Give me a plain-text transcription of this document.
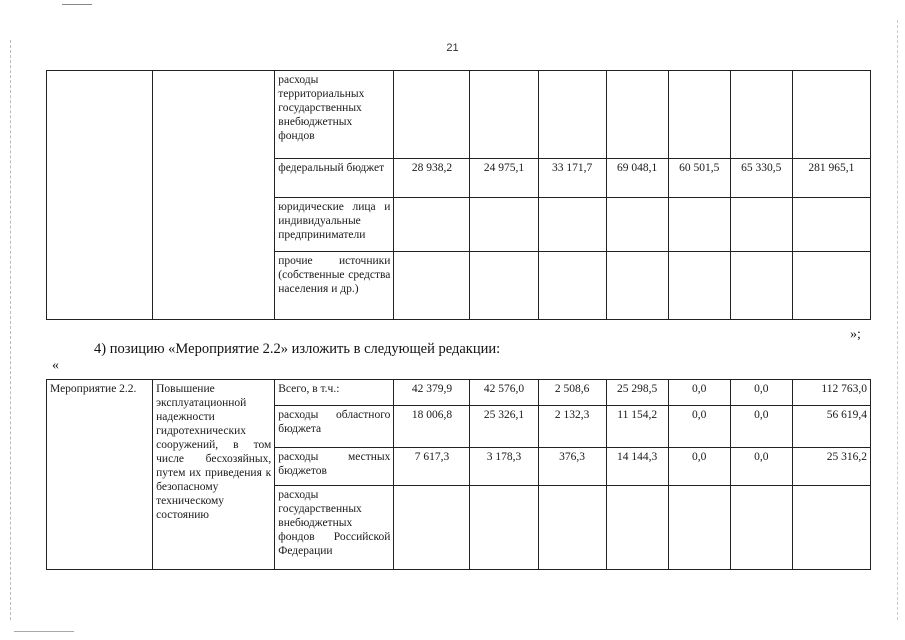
21
		расходы территориальных государственных внебюджетных фондов							
		федеральный бюджет	28 938,2	24 975,1	33 171,7	69 048,1	60 501,5	65 330,5	281 965,1
		юридические лица и индивидуальные предприниматели							
		прочие источники (собственные средства населения и др.)							
»;
4) позицию «Мероприятие 2.2» изложить в следующей редакции:
«
Мероприятие 2.2.	Повышение эксплуатационной надежности гидротехнических сооружений, в том числе бесхозяйных, путем их приведения к безопасному техническому состоянию	Всего, в т.ч.:	42 379,9	42 576,0	2 508,6	25 298,5	0,0	0,0	112 763,0
		расходы областного бюджета	18 006,8	25 326,1	2 132,3	11 154,2	0,0	0,0	56 619,4
		расходы местных бюджетов	7 617,3	3 178,3	376,3	14 144,3	0,0	0,0	25 316,2
		расходы государственных внебюджетных фондов Российской Федерации							
